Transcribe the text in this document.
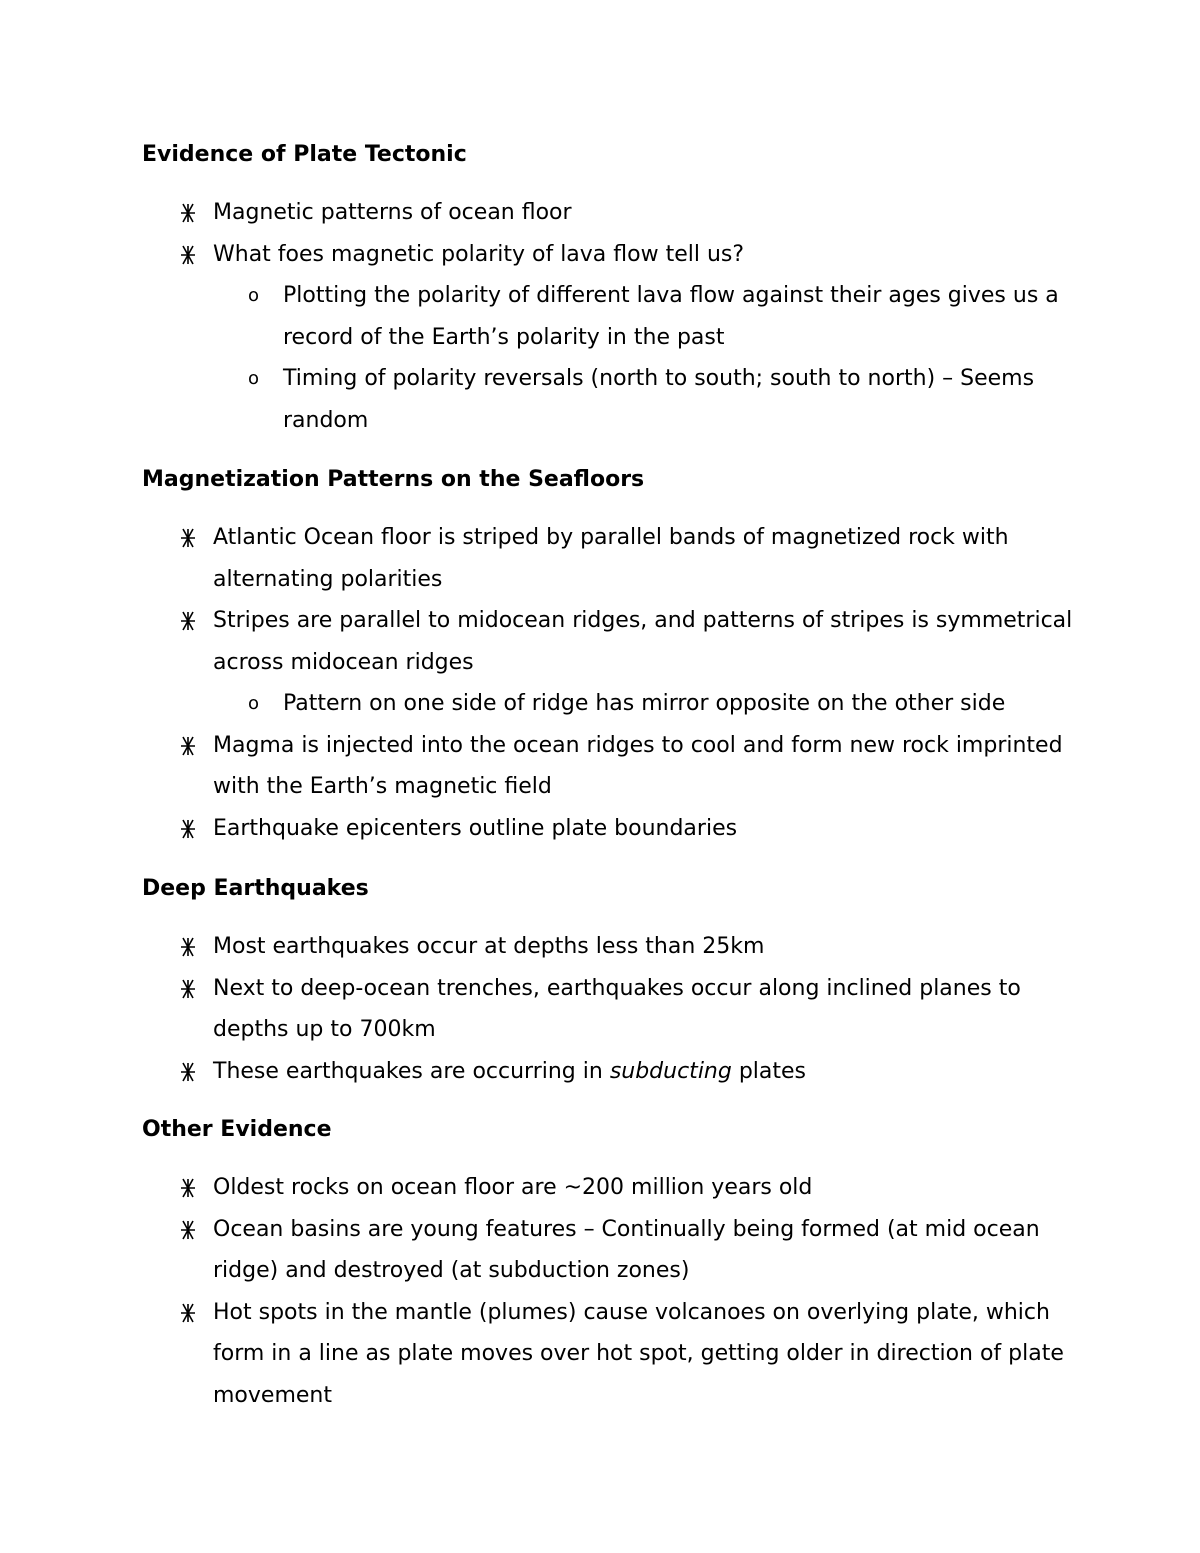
Evidence of Plate Tectonic
Magnetic patterns of ocean floor
What foes magnetic polarity of lava flow tell us?
o Plotting the polarity of different lava flow against their ages gives us a record of the Earth’s polarity in the past
o Timing of polarity reversals (north to south; south to north) – Seems random
Magnetization Patterns on the Seafloors
Atlantic Ocean floor is striped by parallel bands of magnetized rock with alternating polarities
Stripes are parallel to midocean ridges, and patterns of stripes is symmetrical across midocean ridges
o Pattern on one side of ridge has mirror opposite on the other side
Magma is injected into the ocean ridges to cool and form new rock imprinted with the Earth’s magnetic field
Earthquake epicenters outline plate boundaries
Deep Earthquakes
Most earthquakes occur at depths less than 25km
Next to deep-ocean trenches, earthquakes occur along inclined planes to depths up to 700km
These earthquakes are occurring in subducting plates
Other Evidence
Oldest rocks on ocean floor are ~200 million years old
Ocean basins are young features – Continually being formed (at mid ocean ridge) and destroyed (at subduction zones)
Hot spots in the mantle (plumes) cause volcanoes on overlying plate, which form in a line as plate moves over hot spot, getting older in direction of plate movement
